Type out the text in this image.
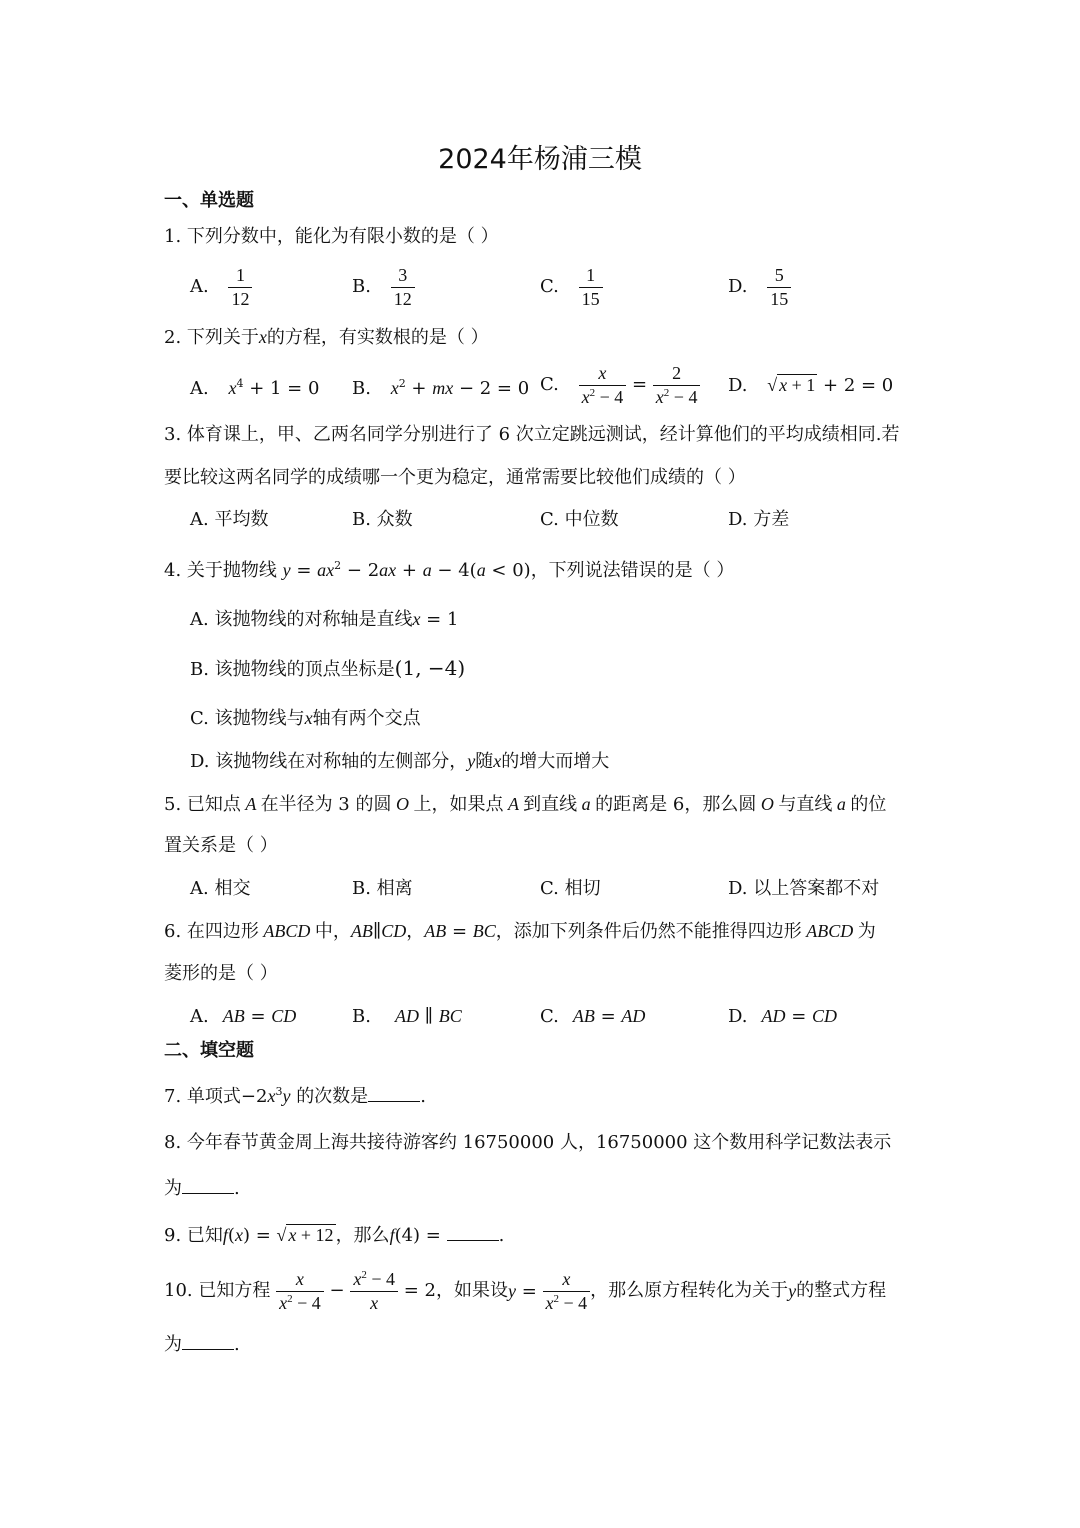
2024年杨浦三模
一、单选题
1. 下列分数中，能化为有限小数的是（ ）
A. $\frac{1}{12}$	B. $\frac{3}{12}$	C. $\frac{1}{15}$	D. $\frac{5}{15}$
2. 下列关于x的方程，有实数根的是（ ）
A. $x^4 + 1 = 0$ B. $x^2$ + mx − 2 = 0 C. $\frac{x}{x^2 - 4} = \frac{2}{x^2 - 4} D$. √ x + 1 + 2 = 0
3. 体育课上，甲、乙两名同学分别进行了 6 次立定跳远测试，经计算他们的平均成绩相同.若
要比较这两名同学的成绩哪一个更为稳定，通常需要比较他们成绩的（ ）
A. 平均数	B. 众数	C. 中位数	D. 方差
4. 关于抛物线 $y = ax^2 - 2ax + a - 4(a < 0)$，下列说法错误的是（ ）
A. 该抛物线的对称轴是直线x = 1
B. 该抛物线的顶点坐标是(1, −4)
C. 该抛物线与x轴有两个交点
D. 该抛物线在对称轴的左侧部分，y随x的增大而增大
5. 已知点 A 在半径为 3 的圆 O 上，如果点 A 到直线 a 的距离是 6，那么圆 O 与直线 a 的位
置关系是（ ）
A. 相交	B. 相离	C. 相切	D. 以上答案都不对
6. 在四边形 ABCD 中，AB∥CD，AB = BC，添加下列条件后仍然不能推得四边形 ABCD 为
菱形的是（ ）
A. AB = CD	B. AD ∥ BC	C. AB = AD	D. AD = CD
二、填空题
7. 单项式$-2x^3y$ 的次数是	.
8. 今年春节黄金周上海共接待游客约 16750000 人，16750000 这个数用科学记数法表示
为	.
9. 已知f(x) = √ x + 12 ，那么f(4) =	.
10. 已知方程 $\frac{x}{x^2 - 4} - \frac{x^2 - 4}{x} = 2$，如果设$y = \frac{x}{x^2 - 4}$ ，那么原方程转化为关于y的整式方程
为	.
